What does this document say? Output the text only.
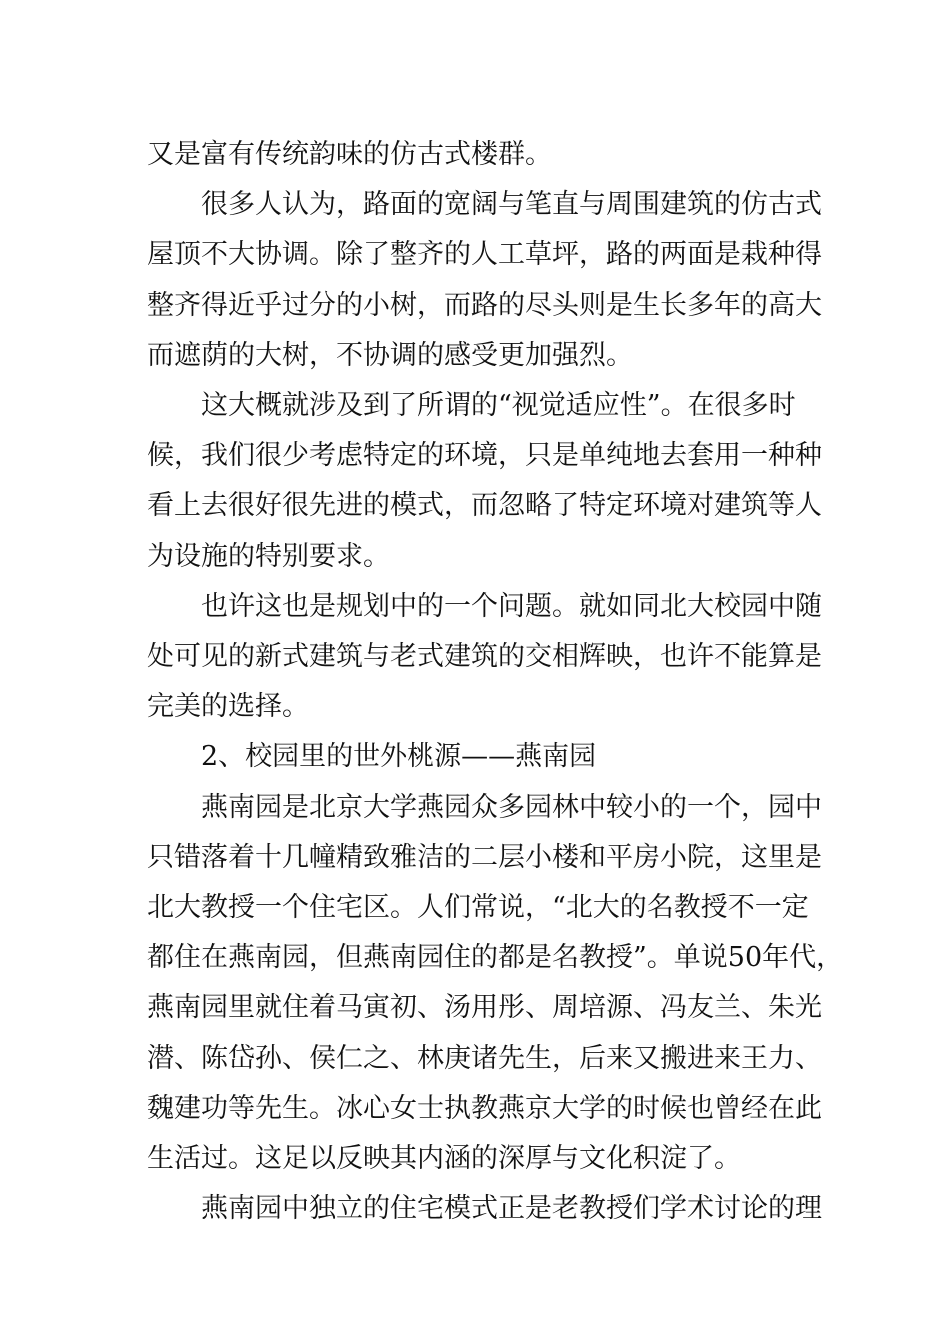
又是富有传统韵味的仿古式楼群。

很多人认为，路面的宽阔与笔直与周围建筑的仿古式
屋顶不大协调。除了整齐的人工草坪，路的两面是栽种得
整齐得近乎过分的小树，而路的尽头则是生长多年的高大
而遮荫的大树，不协调的感受更加强烈。

这大概就涉及到了所谓的“视觉适应性”。在很多时
候，我们很少考虑特定的环境，只是单纯地去套用一种种
看上去很好很先进的模式，而忽略了特定环境对建筑等人
为设施的特别要求。

也许这也是规划中的一个问题。就如同北大校园中随
处可见的新式建筑与老式建筑的交相辉映，也许不能算是
完美的选择。

2、校园里的世外桃源——燕南园

燕南园是北京大学燕园众多园林中较小的一个，园中
只错落着十几幢精致雅洁的二层小楼和平房小院，这里是
北大教授一个住宅区。人们常说，“北大的名教授不一定
都住在燕南园，但燕南园住的都是名教授”。单说50年代，
燕南园里就住着马寅初、汤用彤、周培源、冯友兰、朱光
潜、陈岱孙、侯仁之、林庚诸先生，后来又搬进来王力、
魏建功等先生。冰心女士执教燕京大学的时候也曾经在此
生活过。这足以反映其内涵的深厚与文化积淀了。

燕南园中独立的住宅模式正是老教授们学术讨论的理
